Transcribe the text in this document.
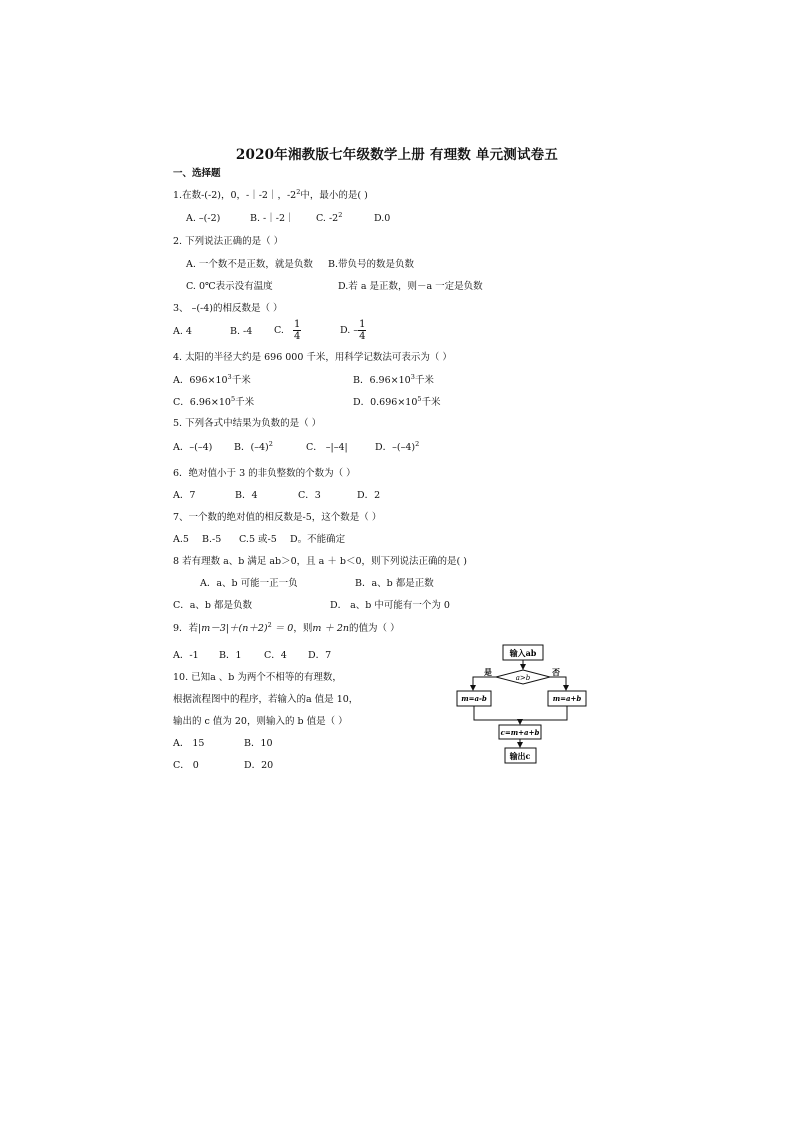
2020年湘教版七年级数学上册 有理数 单元测试卷五
一、选择题
1.在数-(-2)，0，-｜-2｜，$-2^2$中，最小的是( )
A. –(-2)	B. -｜-2｜ C. $-2^2$	D.0
2. 下列说法正确的是（ ）
A. 一个数不是正数，就是负数 B.带负号的数是负数
C. 0℃表示没有温度	D.若 a 是正数，则－a 一定是负数
3、 –(-4)的相反数是（ ）
A. 4	B. -4 C. $\frac{1}{4}$	D. – $\frac{1}{4}$
4. 太阳的半径大约是 696 000 千米，用科学记数法可表示为（ ）
A．$696\times 10^3$千米	B．$6.96\times 10^3$千米
C．$6.96\times 10^5$千米	D．$0.696\times 10^5$千米
5. 下列各式中结果为负数的是（ ）
A．–(–4) B．$(-4)^2$	C． –|–4|	D．$-(-4)^2$
6．绝对值小于 3 的非负整数的个数为（ ）
A．7	B．4	C．3	D．2
7、一个数的绝对值的相反数是-5，这个数是（ ）
A.5 B.-5 C.5 或-5 D。不能确定
8 若有理数 a、b 满足 ab＞0，且 a ＋ b＜0，则下列说法正确的是( )
A．a、b 可能一正一负	B．a、b 都是正数
C．a、b 都是负数	D． a、b 中可能有一个为 0
9．若$|m-3|+(n+2)^2 = 0$，则m ＋ 2n的值为（ ）
A．-1 B．1 C．4 D．7
10. 已知a 、b 为两个不相等的有理数，
根据流程图中的程序，若输入的a 值是 10，
输出的 c 值为 20，则输入的 b 值是（ ）
A． 15	B．10
C． 0	D．20
输入ab
a>b
是	否
m=a-b	m=a+b
c=m+a+b
输出c
